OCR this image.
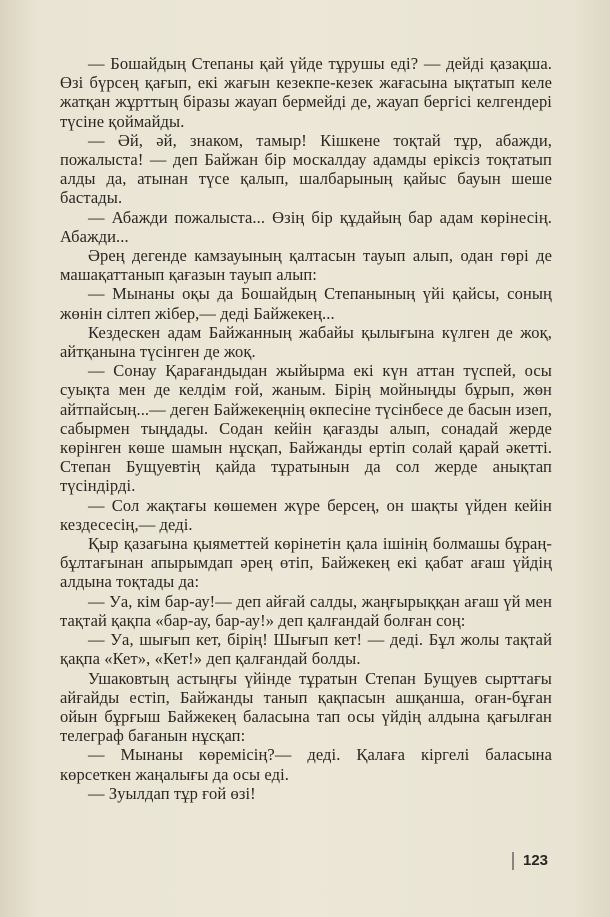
— Бошайдың Степаны қай үйде тұрушы еді? — дейді қазақша. Өзі бүрсең қағып, екі жағын кезекпе-кезек жағасына ықтатып келе жатқан жұрттың біразы жауап бермейді де, жауап бергісі келгендері түсіне қоймайды.

— Әй, әй, знаком, тамыр! Кішкене тоқтай тұр, абажди, пожалыста! — деп Байжан бір москалдау адамды еріксіз тоқтатып алды да, атынан түсе қалып, шалбарының қайыс бауын шеше бастады.

— Абажди пожалыста... Өзің бір құдайың бар адам көрінесің. Абажди...

Әрең дегенде камзауының қалтасын тауып алып, одан гөрі де машақаттанып қағазын тауып алып:

— Мынаны оқы да Бошайдың Степанының үйі қайсы, соның жөнін сілтеп жібер,— деді Байжекең...

Кездескен адам Байжанның жабайы қылығына күлген де жоқ, айтқанына түсінген де жоқ.

— Сонау Қарағандыдан жыйырма екі күн аттан түспей, осы суықта мен де келдім ғой, жаным. Бірің мойныңды бұрып, жөн айтпайсың...— деген Байжекеңнің өкпесіне түсінбесе де басын изеп, сабырмен тыңдады. Содан кейін қағазды алып, сонадай жерде көрінген көше шамын нұсқап, Байжанды ертіп солай қарай әкетті. Степан Бущуевтің қайда тұратынын да сол жерде анықтап түсіндірді.

— Сол жақтағы көшемен жүре берсең, он шақты үйден кейін кездесесің,— деді.

Қыр қазағына қыяметтей көрінетін қала ішінің болмашы бұраң-бұлтағынан апырымдап әрең өтіп, Байжекең екі қабат ағаш үйдің алдына тоқтады да:

— Уа, кім бар-ау!— деп айғай салды, жаңғырыққан ағаш үй мен тақтай қақпа «бар-ау, бар-ау!» деп қалғандай болған соң:

— Уа, шығып кет, бірің! Шығып кет! — деді. Бұл жолы тақтай қақпа «Кет», «Кет!» деп қалғандай болды.

Ушаковтың астыңғы үйінде тұратын Степан Бущуев сырттағы айғайды естіп, Байжанды танып қақпасын ашқанша, оған-бұған ойын бұрғыш Байжекең баласына тап осы үйдің алдына қағылған телеграф бағанын нұсқап:

— Мынаны көремісің?— деді. Қалаға кіргелі баласына көрсеткен жаңалығы да осы еді.

— Зуылдап тұр ғой өзі!

123
